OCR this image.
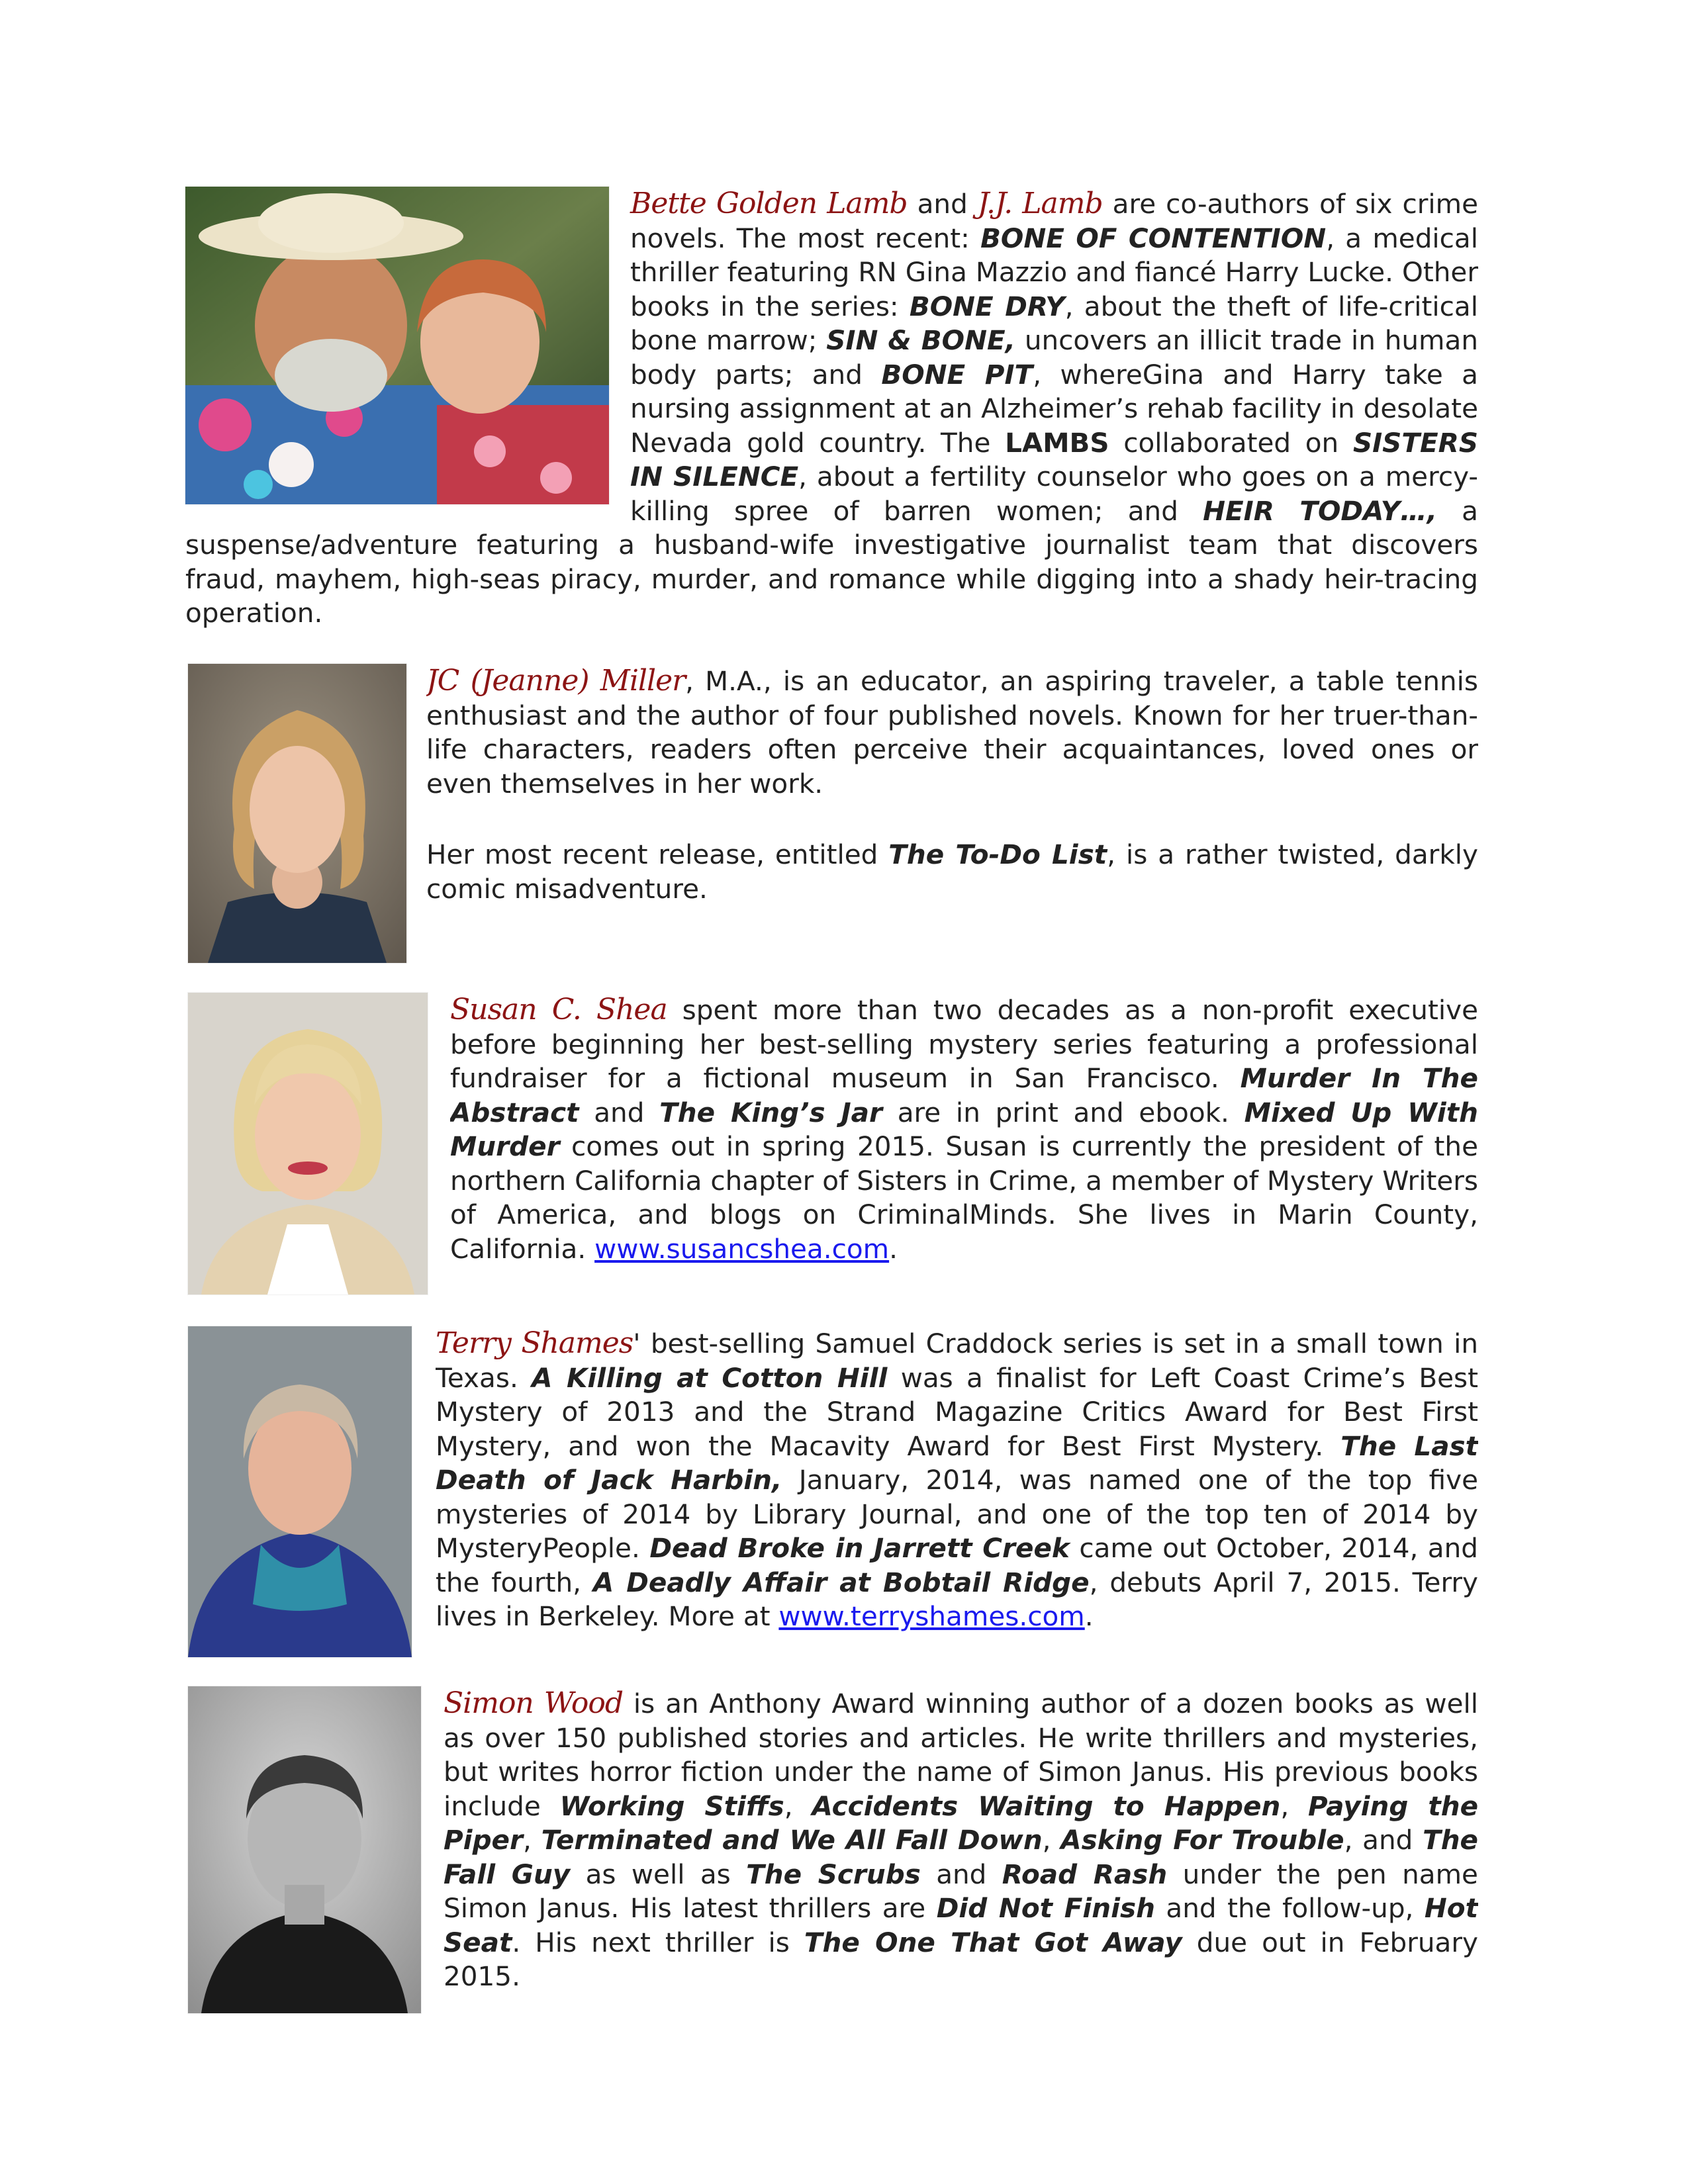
Bette Golden Lamb and J.J. Lamb are co-authors of six crime novels. The most recent: BONE OF CONTENTION, a medical thriller featuring RN Gina Mazzio and fiancé Harry Lucke. Other books in the series: BONE DRY, about the theft of life-critical bone marrow; SIN & BONE, uncovers an illicit trade in human body parts; and BONE PIT, whereGina and Harry take a nursing assignment at an Alzheimer’s rehab facility in desolate Nevada gold country. The LAMBS collaborated on SISTERS IN SILENCE, about a fertility counselor who goes on a mercy-killing spree of barren women; and HEIR TODAY…, a suspense/adventure featuring a husband-wife investigative journalist team that discovers fraud, mayhem, high-seas piracy, murder, and romance while digging into a shady heir-tracing operation.

JC (Jeanne) Miller, M.A., is an educator, an aspiring traveler, a table tennis enthusiast and the author of four published novels. Known for her truer-than-life characters, readers often perceive their acquaintances, loved ones or even themselves in her work.

Her most recent release, entitled The To-Do List, is a rather twisted, darkly comic misadventure.

Susan C. Shea spent more than two decades as a non-profit executive before beginning her best-selling mystery series featuring a professional fundraiser for a fictional museum in San Francisco. Murder In The Abstract and The King’s Jar are in print and ebook. Mixed Up With Murder comes out in spring 2015. Susan is currently the president of the northern California chapter of Sisters in Crime, a member of Mystery Writers of America, and blogs on CriminalMinds. She lives in Marin County, California. www.susancshea.com.

Terry Shames' best-selling Samuel Craddock series is set in a small town in Texas. A Killing at Cotton Hill was a finalist for Left Coast Crime’s Best Mystery of 2013 and the Strand Magazine Critics Award for Best First Mystery, and won the Macavity Award for Best First Mystery. The Last Death of Jack Harbin, January, 2014, was named one of the top five mysteries of 2014 by Library Journal, and one of the top ten of 2014 by MysteryPeople. Dead Broke in Jarrett Creek came out October, 2014, and the fourth, A Deadly Affair at Bobtail Ridge, debuts April 7, 2015. Terry lives in Berkeley. More at www.terryshames.com.

Simon Wood is an Anthony Award winning author of a dozen books as well as over 150 published stories and articles. He write thrillers and mysteries, but writes horror fiction under the name of Simon Janus. His previous books include Working Stiffs, Accidents Waiting to Happen, Paying the Piper, Terminated and We All Fall Down, Asking For Trouble, and The Fall Guy as well as The Scrubs and Road Rash under the pen name Simon Janus. His latest thrillers are Did Not Finish and the follow-up, Hot Seat. His next thriller is The One That Got Away due out in February 2015.
